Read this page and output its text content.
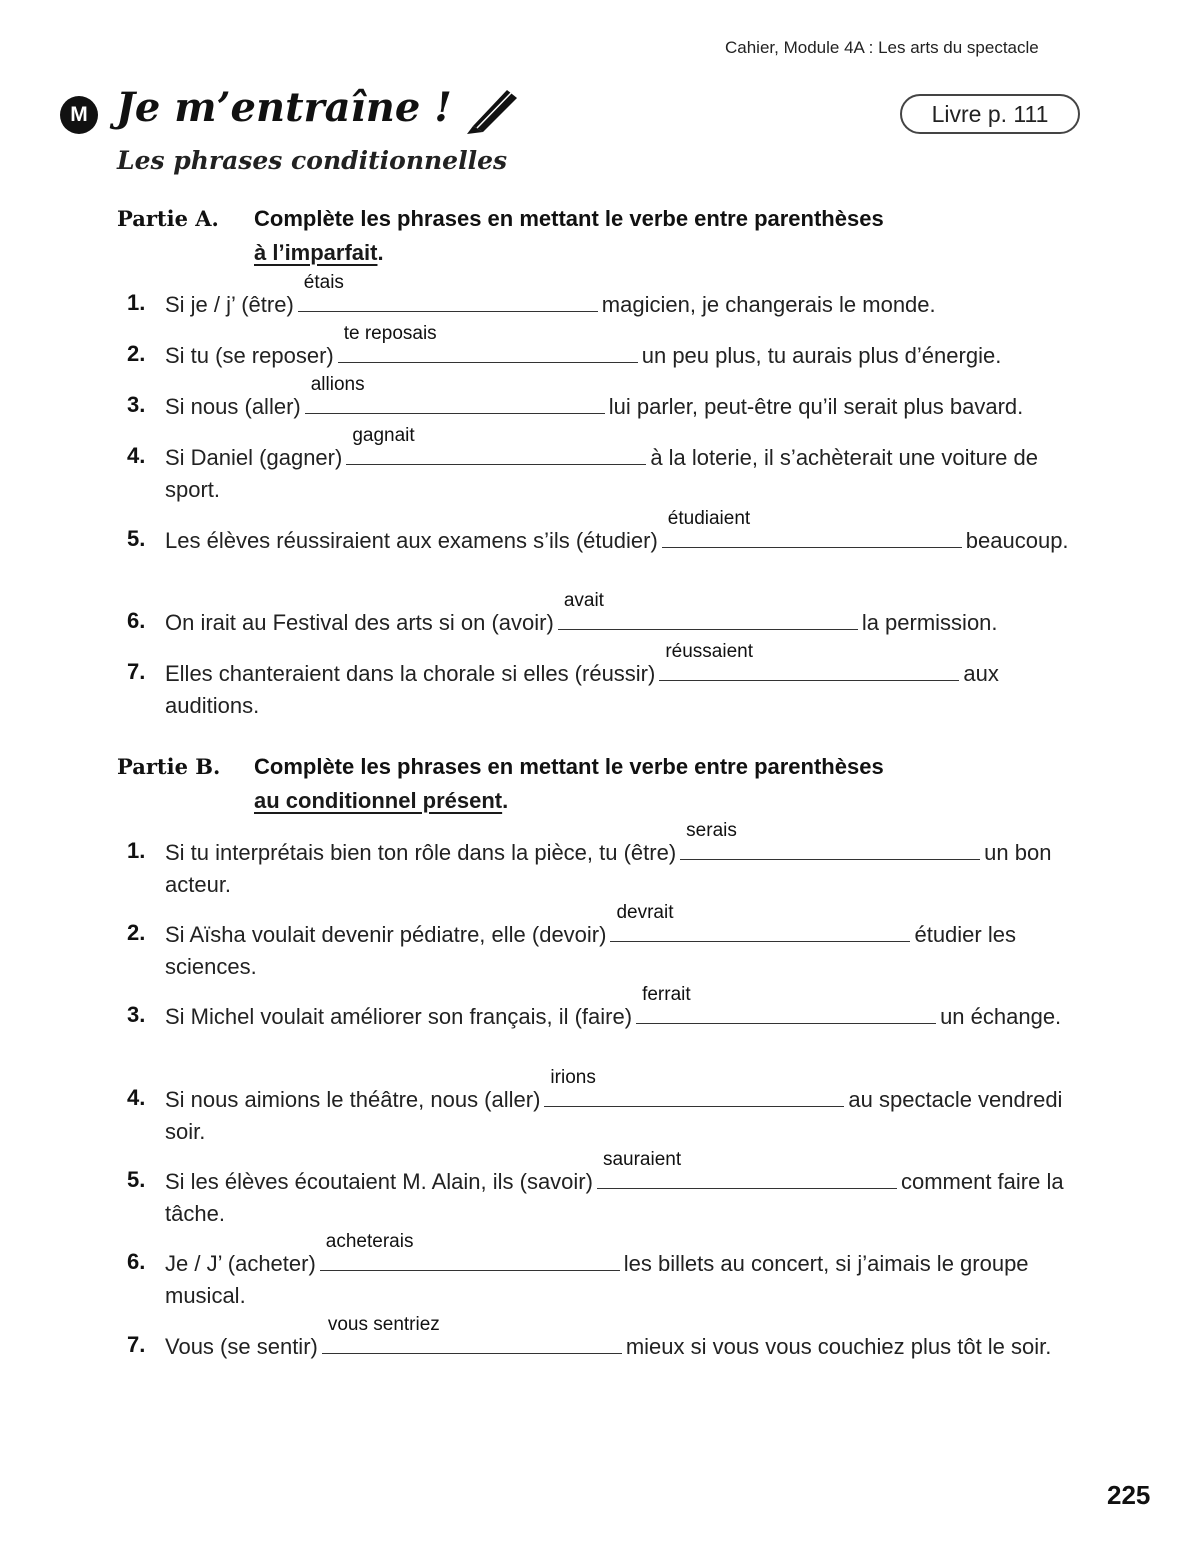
Cahier, Module 4A : Les arts du spectacle
M Je m’entraîne !	Livre p. 111
Les phrases conditionnelles
Partie A. Complète les phrases en mettant le verbe entre parenthèses
à l’imparfait.
1. Si je / j’ (être)
étais
magicien, je changerais le monde.
2. Si tu (se reposer)
te reposais
un peu plus, tu aurais plus d’énergie.
3. Si nous (aller)
allions
lui parler, peut-être qu’il serait plus bavard.
4. Si Daniel (gagner)
gagnait
à la loterie, il s’achèterait une voiture de sport.
5. Les élèves réussiraient aux examens s’ils (étudier)
étudiaient
beaucoup.
6. On irait au Festival des arts si on (avoir)
avait
la permission.
7. Elles chanteraient dans la chorale si elles (réussir)
réussaient
aux auditions.
Partie B. Complète les phrases en mettant le verbe entre parenthèses
au conditionnel présent.
1. Si tu interprétais bien ton rôle dans la pièce, tu (être)
serais
un bon acteur.
2. Si Aïsha voulait devenir pédiatre, elle (devoir)
devrait
étudier les sciences.
3. Si Michel voulait améliorer son français, il (faire)
ferrait
un échange.
4. Si nous aimions le théâtre, nous (aller)
irions
au spectacle vendredi soir.
5. Si les élèves écoutaient M. Alain, ils (savoir)
sauraient
comment faire la tâche.
6. Je / J’ (acheter)
acheterais
les billets au concert, si j’aimais le groupe musical.
7. Vous (se sentir)
vous sentriez
mieux si vous vous couchiez plus tôt le soir.
225
